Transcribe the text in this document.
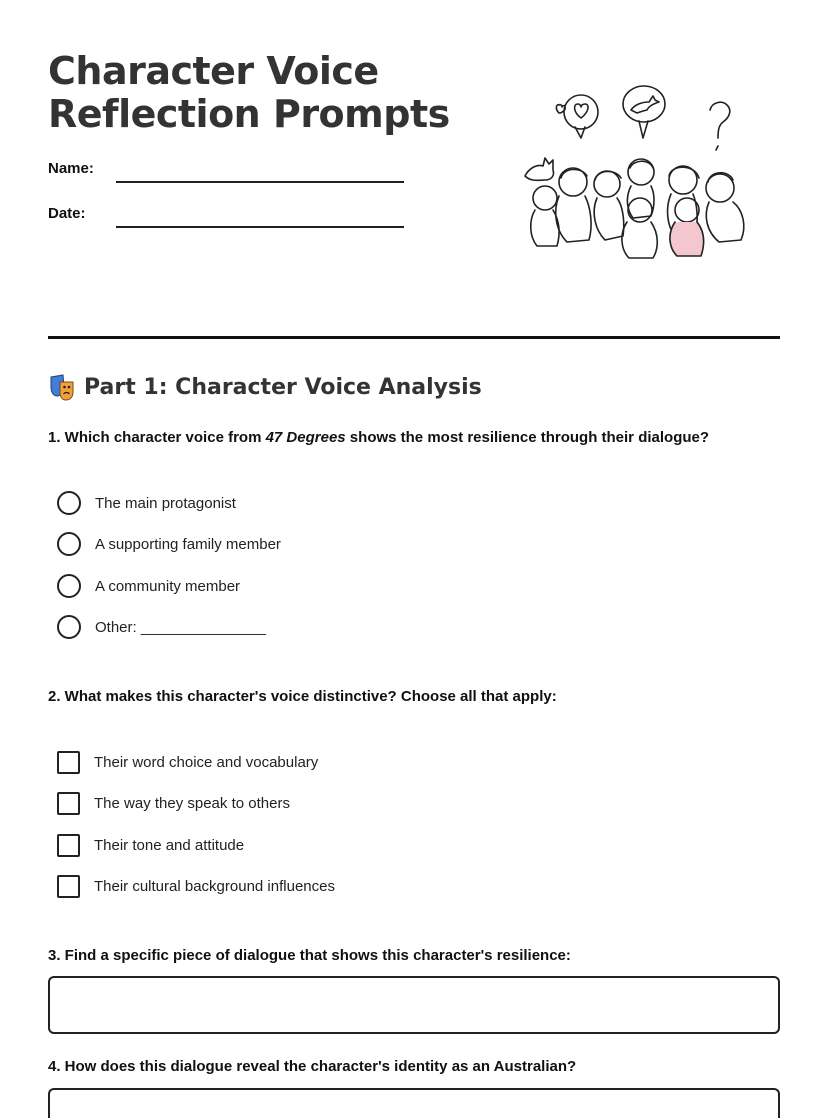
Character Voice
Reflection Prompts
Name:
Date:
Part 1: Character Voice Analysis
1. Which character voice from 47 Degrees shows the most resilience through their dialogue?
The main protagonist
A supporting family member
A community member
Other: _______________
2. What makes this character's voice distinctive? Choose all that apply:
Their word choice and vocabulary
The way they speak to others
Their tone and attitude
Their cultural background influences
3. Find a specific piece of dialogue that shows this character's resilience:
4. How does this dialogue reveal the character's identity as an Australian?
